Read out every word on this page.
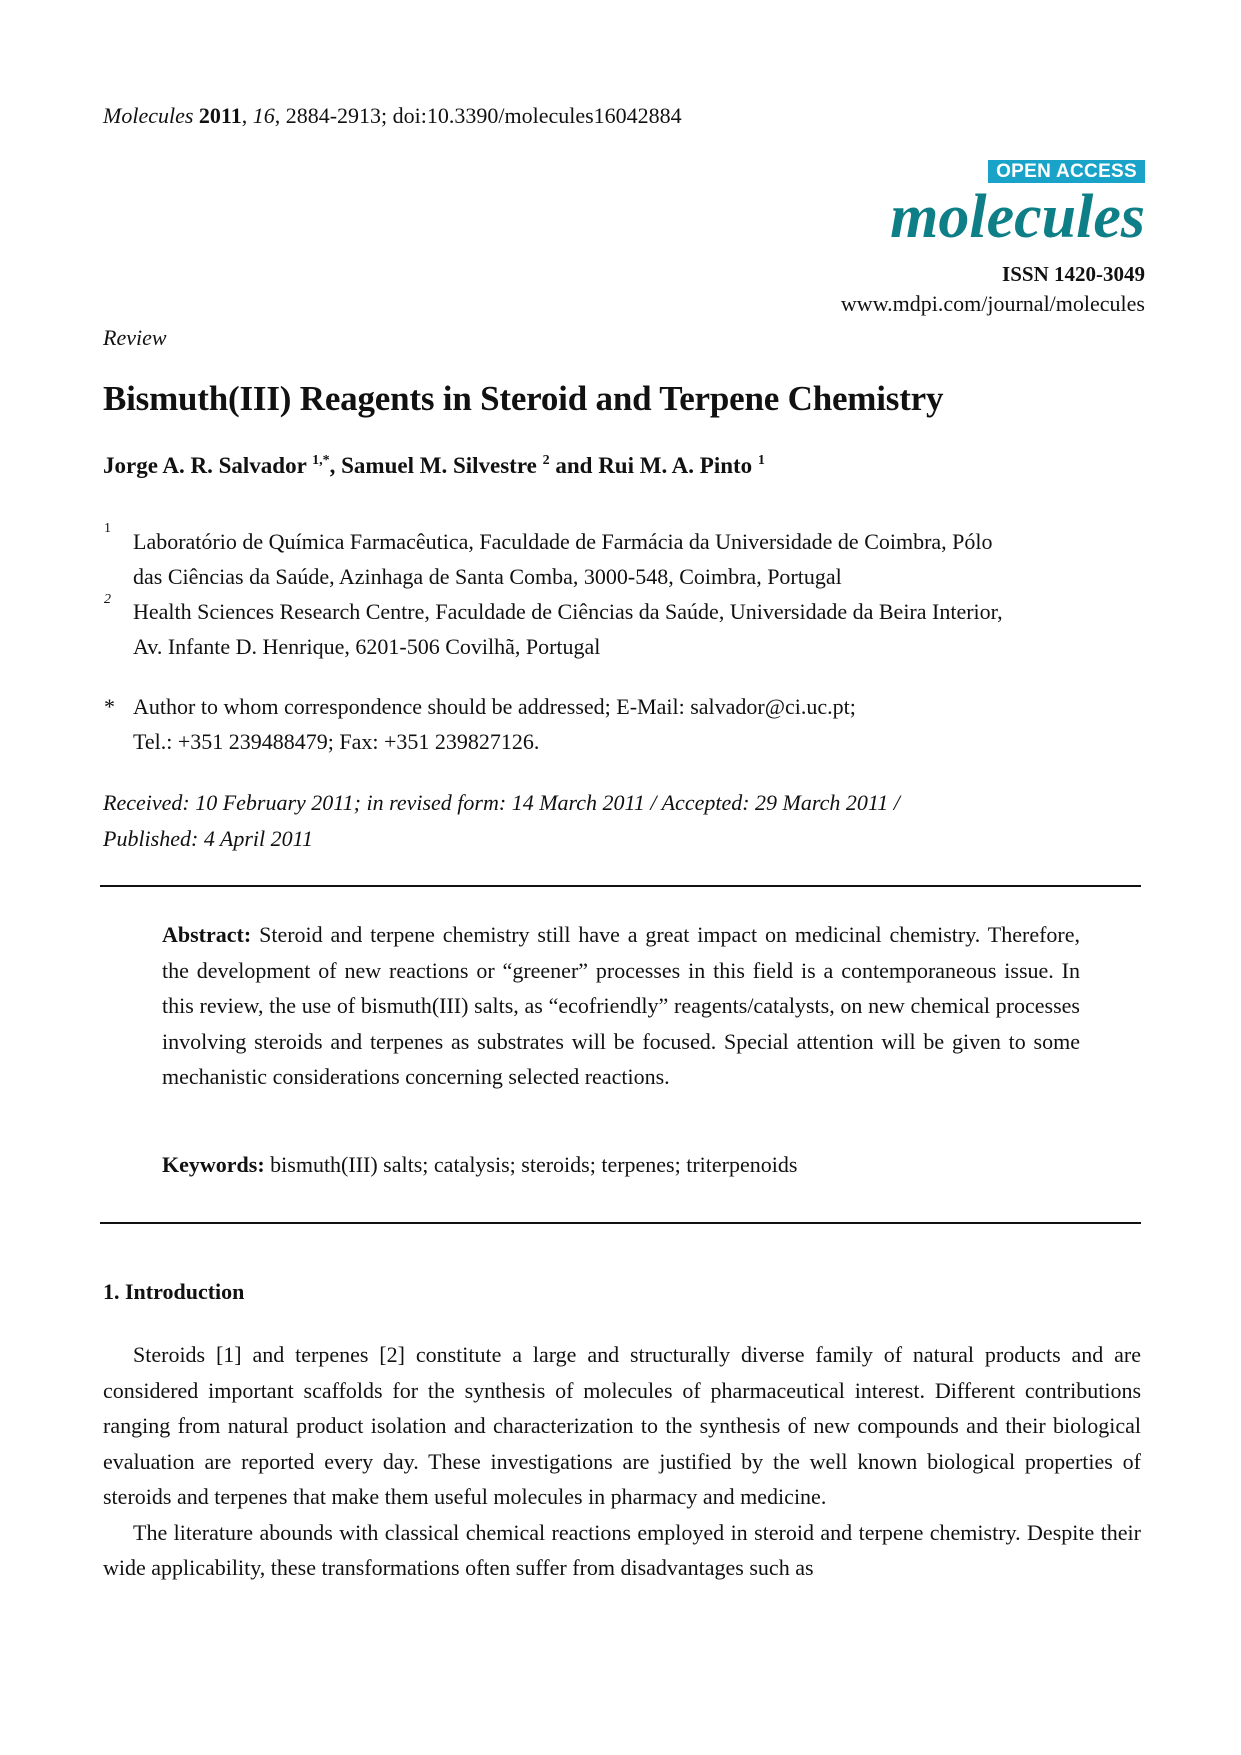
Molecules 2011, 16, 2884-2913; doi:10.3390/molecules16042884
OPEN ACCESS
molecules
ISSN 1420-3049
www.mdpi.com/journal/molecules
Review
Bismuth(III) Reagents in Steroid and Terpene Chemistry
Jorge A. R. Salvador $^{1,*}$, Samuel M. Silvestre $^2$ and Rui M. A. Pinto $^1$
1
Laboratório de Química Farmacêutica, Faculdade de Farmácia da Universidade de Coimbra, Pólo
das Ciências da Saúde, Azinhaga de Santa Comba, 3000-548, Coimbra, Portugal
2 Health Sciences Research Centre, Faculdade de Ciências da Saúde, Universidade da Beira Interior,
Av. Infante D. Henrique, 6201-506 Covilhã, Portugal
* Author to whom correspondence should be addressed; E-Mail: salvador@ci.uc.pt;
Tel.: +351 239488479; Fax: +351 239827126.
Received: 10 February 2011; in revised form: 14 March 2011 / Accepted: 29 March 2011 /
Published: 4 April 2011
Abstract: Steroid and terpene chemistry still have a great impact on medicinal chemistry. Therefore, the development of new reactions or “greener” processes in this field is a contemporaneous issue. In this review, the use of bismuth(III) salts, as “ecofriendly” reagents/catalysts, on new chemical processes involving steroids and terpenes as substrates will be focused. Special attention will be given to some mechanistic considerations concerning selected reactions.
Keywords: bismuth(III) salts; catalysis; steroids; terpenes; triterpenoids
1. Introduction

Steroids [1] and terpenes [2] constitute a large and structurally diverse family of natural products and are considered important scaffolds for the synthesis of molecules of pharmaceutical interest. Different contributions ranging from natural product isolation and characterization to the synthesis of new compounds and their biological evaluation are reported every day. These investigations are justified by the well known biological properties of steroids and terpenes that make them useful molecules in pharmacy and medicine.

The literature abounds with classical chemical reactions employed in steroid and terpene chemistry. Despite their wide applicability, these transformations often suffer from disadvantages such as
